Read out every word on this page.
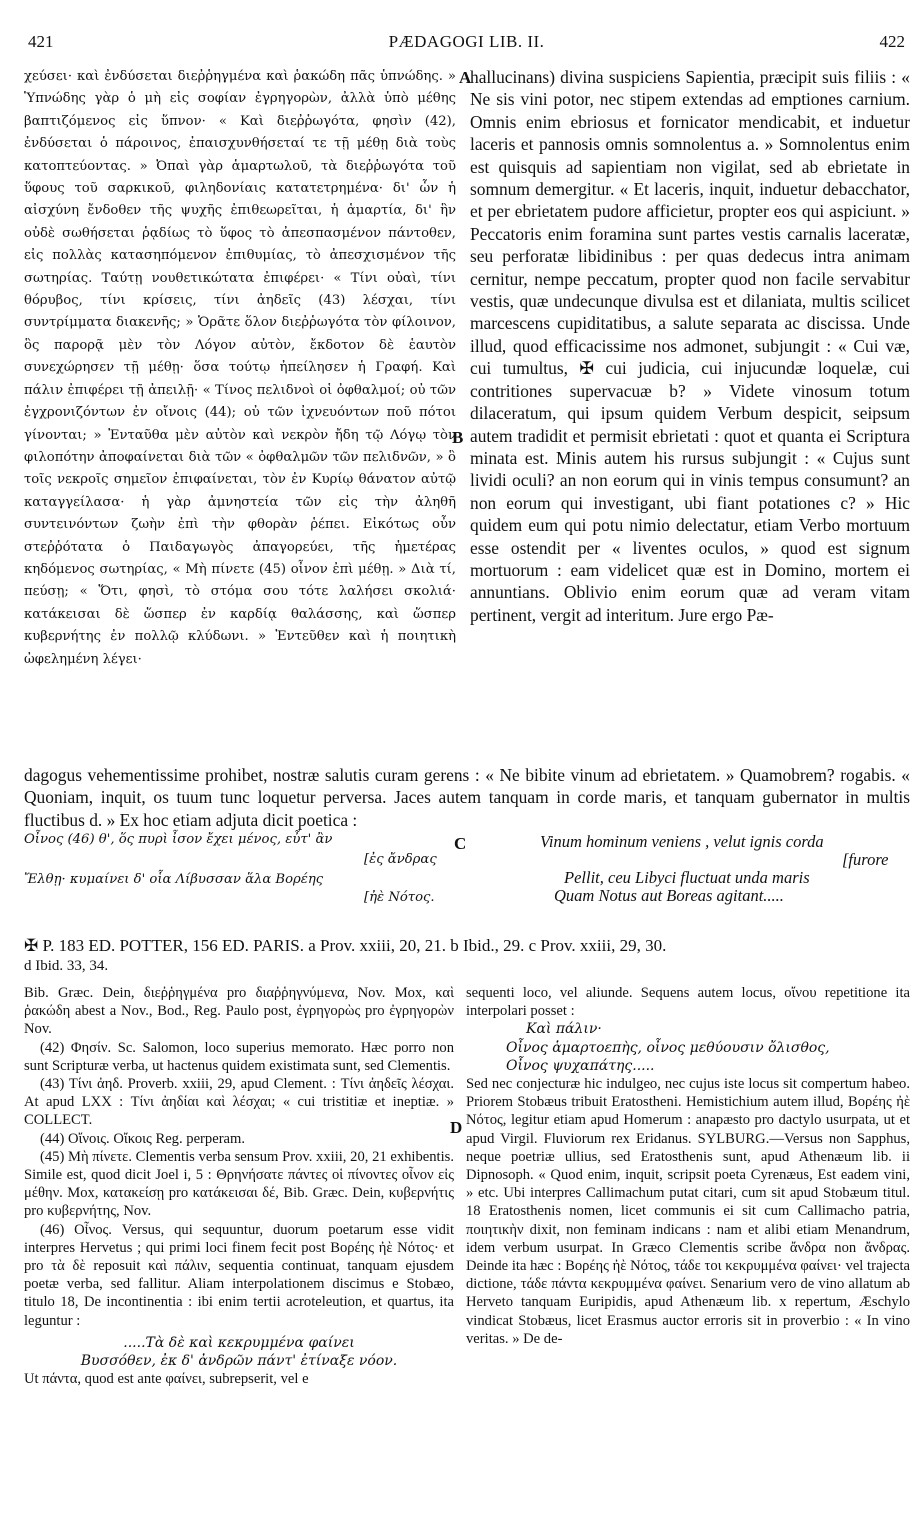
421	PÆDAGOGI LIB. II.	422

χεύσει· καὶ ἐνδύσεται διεῤῥηγμένα καὶ ῥακώδη πᾶς ὑπνώδης. » Ὑπνώδης γὰρ ὁ μὴ εἰς σοφίαν ἐγρηγορὼν, ἀλλὰ ὑπὸ μέθης βαπτιζόμενος εἰς ὕπνον· « Καὶ διεῤῥωγότα, φησὶν (42), ἐνδύσεται ὁ πάροινος, ἐπαισχυνθήσεταί τε τῇ μέθῃ διὰ τοὺς κατοπτεύοντας. » Ὀπαὶ γὰρ ἁμαρτωλοῦ, τὰ διεῤῥωγότα τοῦ ὕφους τοῦ σαρκικοῦ, φιληδονίαις κατατετρημένα· δι' ὧν ἡ αἰσχύνη ἔνδοθεν τῆς ψυχῆς ἐπιθεωρεῖται, ἡ ἁμαρτία, δι' ἣν οὐδὲ σωθήσεται ῥᾳδίως τὸ ὕφος τὸ ἀπεσπασμένον πάντοθεν, εἰς πολλὰς κατασηπόμενον ἐπιθυμίας, τὸ ἀπεσχισμένον τῆς σωτηρίας. Ταύτῃ νουθετικώτατα ἐπιφέρει· « Τίνι οὐαὶ, τίνι θόρυβος, τίνι κρίσεις, τίνι ἀηδεῖς (43) λέσχαι, τίνι συντρίμματα διακενῆς; » Ὁρᾶτε ὅλον διεῤῥωγότα τὸν φίλοινον, ὃς παρορᾷ μὲν τὸν Λόγον αὐτὸν, ἔκδοτον δὲ ἑαυτὸν συνεχώρησεν τῇ μέθῃ· ὅσα τούτῳ ἠπείλησεν ἡ Γραφή. Καὶ πάλιν ἐπιφέρει τῇ ἀπειλῇ· « Τίνος πελιδνοὶ οἱ ὀφθαλμοί; οὐ τῶν ἐγχρονιζόντων ἐν οἴνοις (44); οὐ τῶν ἰχνευόντων ποῦ πότοι γίνονται; » Ἐνταῦθα μὲν αὐτὸν καὶ νεκρὸν ἤδη τῷ Λόγῳ τὸν φιλοπότην ἀποφαίνεται διὰ τῶν « ὀφθαλμῶν τῶν πελιδνῶν, » ὃ τοῖς νεκροῖς σημεῖον ἐπιφαίνεται, τὸν ἐν Κυρίῳ θάνατον αὐτῷ καταγγείλασα· ἡ γὰρ ἀμνηστεία τῶν εἰς τὴν ἀληθῆ συντεινόντων ζωὴν ἐπὶ τὴν φθορὰν ῥέπει. Εἰκότως οὖν στεῤῥότατα ὁ Παιδαγωγὸς ἀπαγορεύει, τῆς ἡμετέρας κηδόμενος σωτηρίας, « Μὴ πίνετε (45) οἶνον ἐπὶ μέθῃ. » Διὰ τί, πεύσῃ; « Ὅτι, φησὶ, τὸ στόμα σου τότε λαλήσει σκολιά· κατάκεισαι δὲ ὥσπερ ἐν καρδίᾳ θαλάσσης, καὶ ὥσπερ κυβερνήτης ἐν πολλῷ κλύδωνι. » Ἐντεῦθεν καὶ ἡ ποιητικὴ ὠφελημένη λέγει·

A
B
C
D

hallucinans) divina suspiciens Sapientia, præcipit suis filiis : « Ne sis vini potor, nec stipem extendas ad emptiones carnium. Omnis enim ebriosus et fornicator mendicabit, et induetur laceris et pannosis omnis somnolentus a. » Somnolentus enim est quisquis ad sapientiam non vigilat, sed ab ebrietate in somnum demergitur. « Et laceris, inquit, induetur debacchator, et per ebrietatem pudore afficietur, propter eos qui aspiciunt. » Peccatoris enim foramina sunt partes vestis carnalis laceratæ, seu perforatæ libidinibus : per quas dedecus intra animam cernitur, nempe peccatum, propter quod non facile servabitur vestis, quæ undecunque divulsa est et dilaniata, multis scilicet marcescens cupiditatibus, a salute separata ac discissa. Unde illud, quod efficacissime nos admonet, subjungit : « Cui væ, cui tumultus, ✠ cui judicia, cui injucundæ loquelæ, cui contritiones supervacuæ b? » Videte vinosum totum dilaceratum, qui ipsum quidem Verbum despicit, seipsum autem tradidit et permisit ebrietati : quot et quanta ei Scriptura minata est. Minis autem his rursus subjungit : « Cujus sunt lividi oculi? an non eorum qui in vinis tempus consumunt? an non eorum qui investigant, ubi fiant potationes c? » Hic quidem eum qui potu nimio delectatur, etiam Verbo mortuum esse ostendit per « liventes oculos, » quod est signum mortuorum : eam videlicet quæ est in Domino, mortem ei annuntians. Oblivio enim eorum quæ ad veram vitam pertinent, vergit ad interitum. Jure ergo Pæ-

dagogus vehementissime prohibet, nostræ salutis curam gerens : « Ne bibite vinum ad ebrietatem. » Quamobrem? rogabis. « Quoniam, inquit, os tuum tunc loquetur perversa. Jaces autem tanquam in corde maris, et tanquam gubernator in multis fluctibus d. » Ex hoc etiam adjuta dicit poetica :

Οἶνος (46) θ', ὅς πυρὶ ἶσον ἔχει μένος, εὖτ' ἂν
[ἐς ἄνδρας
Ἔλθῃ· κυμαίνει δ' οἷα Λίβυσσαν ἅλα Βορέης
[ἠὲ Νότος.
Vinum hominum veniens , velut ignis corda
[furore
Pellit, ceu Libyci fluctuat unda maris
Quam Notus aut Boreas agitant.....
✠ P. 183 ED. POTTER, 156 ED. PARIS. a Prov. xxiii, 20, 21. b Ibid., 29. c Prov. xxiii, 29, 30.
d Ibid. 33, 34.

Bib. Græc. Dein, διεῤῥηγμένα pro διαῤῥηγνύμενα, Nov. Mox, καὶ ῥακώδη abest a Nov., Bod., Reg. Paulo post, ἐγρηγορὼς pro ἐγρηγορὼν Nov.

(42) Φησίν. Sc. Salomon, loco superius memorato. Hæc porro non sunt Scripturæ verba, ut hactenus quidem existimata sunt, sed Clementis.

(43) Τίνι ἀηδ. Proverb. xxiii, 29, apud Clement. : Τίνι ἀηδεῖς λέσχαι. At apud LXX : Τίνι ἀηδίαι καὶ λέσχαι; « cui tristitiæ et ineptiæ. » COLLECT.

(44) Οἴνοις. Οἴκοις Reg. perperam.

(45) Μὴ πίνετε. Clementis verba sensum Prov. xxiii, 20, 21 exhibentis. Simile est, quod dicit Joel i, 5 : Θρηνήσατε πάντες οἱ πίνοντες οἶνον εἰς μέθην. Mox, κατακείσῃ pro κατάκεισαι δέ, Bib. Græc. Dein, κυβερνήτις pro κυβερνήτης, Nov.

(46) Οἶνος. Versus, qui sequuntur, duorum poetarum esse vidit interpres Hervetus ; qui primi loci finem fecit post Βορέης ἠὲ Νότος· et pro τὰ δὲ reposuit καὶ πάλιν, sequentia continuat, tanquam ejusdem poetæ verba, sed fallitur. Aliam interpolationem discimus e Stobæo, titulo 18, De incontinentia : ibi enim tertii acroteleution, et quartus, ita leguntur :

.....Τὰ δὲ καὶ κεκρυμμένα φαίνει

Βυσσόθεν, ἐκ δ' ἀνδρῶν πάντ' ἐτίναξε νόον.

Ut πάντα, quod est ante φαίνει, subrepserit, vel e

sequenti loco, vel aliunde. Sequens autem locus, οἴνου repetitione ita interpolari posset :

Καὶ πάλιν·

Οἶνος ἁμαρτοεπὴς, οἶνος μεθύουσιν ὄλισθος,

Οἶνος ψυχαπάτης.....

Sed nec conjecturæ hic indulgeo, nec cujus iste locus sit compertum habeo. Priorem Stobæus tribuit Eratostheni. Hemistichium autem illud, Βορέης ἠὲ Νότος, legitur etiam apud Homerum : anapæsto pro dactylo usurpata, ut et apud Virgil. Fluviorum rex Eridanus. SYLBURG.—Versus non Sapphus, neque poetriæ ullius, sed Eratosthenis sunt, apud Athenæum lib. ii Dipnosoph. « Quod enim, inquit, scripsit poeta Cyrenæus, Est eadem vini, » etc. Ubi interpres Callimachum putat citari, cum sit apud Stobæum titul. 18 Eratosthenis nomen, licet communis ei sit cum Callimacho patria, ποιητικὴν dixit, non feminam indicans : nam et alibi etiam Menandrum, idem verbum usurpat. In Græco Clementis scribe ἄνδρα non ἄνδρας. Deinde ita hæc : Βορέης ἠὲ Νότος, τάδε τοι κεκρυμμένα φαίνει· vel trajecta dictione, τάδε πάντα κεκρυμμένα φαίνει. Senarium vero de vino allatum ab Herveto tanquam Euripidis, apud Athenæum lib. x repertum, Æschylo vindicat Stobæus, licet Erasmus auctor erroris sit in proverbio : « In vino veritas. » De de-
